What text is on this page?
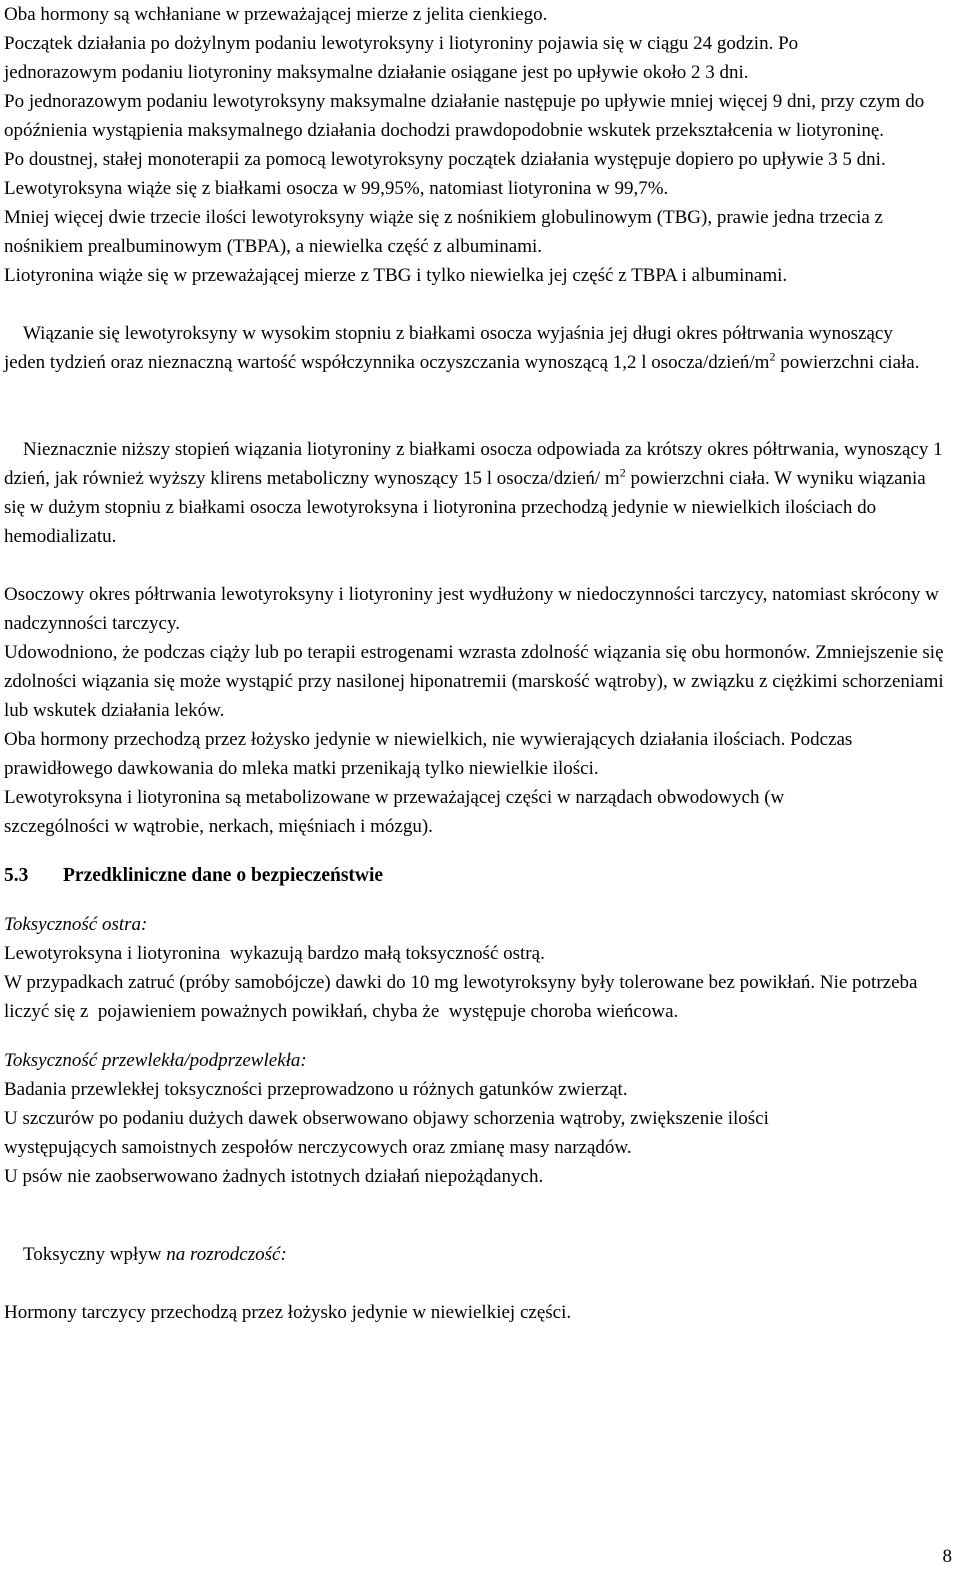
Oba hormony są wchłaniane w przeważającej mierze z jelita cienkiego.

Początek działania po dożylnym podaniu lewotyroksyny i liotyroniny pojawia się w ciągu 24 godzin. Po jednorazowym podaniu liotyroniny maksymalne działanie osiągane jest po upływie około 2 3 dni.

Po jednorazowym podaniu lewotyroksyny maksymalne działanie następuje po upływie mniej więcej 9 dni, przy czym do opóźnienia wystąpienia maksymalnego działania dochodzi prawdopodobnie wskutek przekształcenia w liotyroninę.

Po doustnej, stałej monoterapii za pomocą lewotyroksyny początek działania występuje dopiero po upływie 3 5 dni.

Lewotyroksyna wiąże się z białkami osocza w 99,95%, natomiast liotyronina w 99,7%.

Mniej więcej dwie trzecie ilości lewotyroksyny wiąże się z nośnikiem globulinowym (TBG), prawie jedna trzecia z nośnikiem prealbuminowym (TBPA), a niewielka część z albuminami.

Liotyronina wiąże się w przeważającej mierze z TBG i tylko niewielka jej część z TBPA i albuminami.

Wiązanie się lewotyroksyny w wysokim stopniu z białkami osocza wyjaśnia jej długi okres półtrwania wynoszący jeden tydzień oraz nieznaczną wartość współczynnika oczyszczania wynoszącą 1,2 l osocza/$dzień/m^2$ powierzchni ciała.

Nieznacznie niższy stopień wiązania liotyroniny z białkami osocza odpowiada za krótszy okres półtrwania, wynoszący 1 dzień, jak również wyższy klirens metaboliczny wynoszący 15 l osocza/dzień/ $m^2$ powierzchni ciała. W wyniku wiązania się w dużym stopniu z białkami osocza lewotyroksyna i liotyronina przechodzą jedynie w niewielkich ilościach do hemodializatu.

Osoczowy okres półtrwania lewotyroksyny i liotyroniny jest wydłużony w niedoczynności tarczycy, natomiast skrócony w nadczynności tarczycy.

Udowodniono, że podczas ciąży lub po terapii estrogenami wzrasta zdolność wiązania się obu hormonów. Zmniejszenie się zdolności wiązania się może wystąpić przy nasilonej hiponatremii (marskość wątroby), w związku z ciężkimi schorzeniami lub wskutek działania leków.

Oba hormony przechodzą przez łożysko jedynie w niewielkich, nie wywierających działania ilościach. Podczas prawidłowego dawkowania do mleka matki przenikają tylko niewielkie ilości.

Lewotyroksyna i liotyronina są metabolizowane w przeważającej części w narządach obwodowych (w szczególności w wątrobie, nerkach, mięśniach i mózgu).

5.3	Przedkliniczne dane o bezpieczeństwie

Toksyczność ostra:

Lewotyroksyna i liotyronina  wykazują bardzo małą toksyczność ostrą.

W przypadkach zatruć (próby samobójcze) dawki do 10 mg lewotyroksyny były tolerowane bez powikłań. Nie potrzeba liczyć się z  pojawieniem poważnych powikłań, chyba że  występuje choroba wieńcowa.

Toksyczność przewlekła/podprzewlekła:

Badania przewlekłej toksyczności przeprowadzono u różnych gatunków zwierząt.

U szczurów po podaniu dużych dawek obserwowano objawy schorzenia wątroby, zwiększenie ilości występujących samoistnych zespołów nerczycowych oraz zmianę masy narządów.

U psów nie zaobserwowano żadnych istotnych działań niepożądanych.

Toksyczny wpływ na rozrodczość:

Hormony tarczycy przechodzą przez łożysko jedynie w niewielkiej części.

8
